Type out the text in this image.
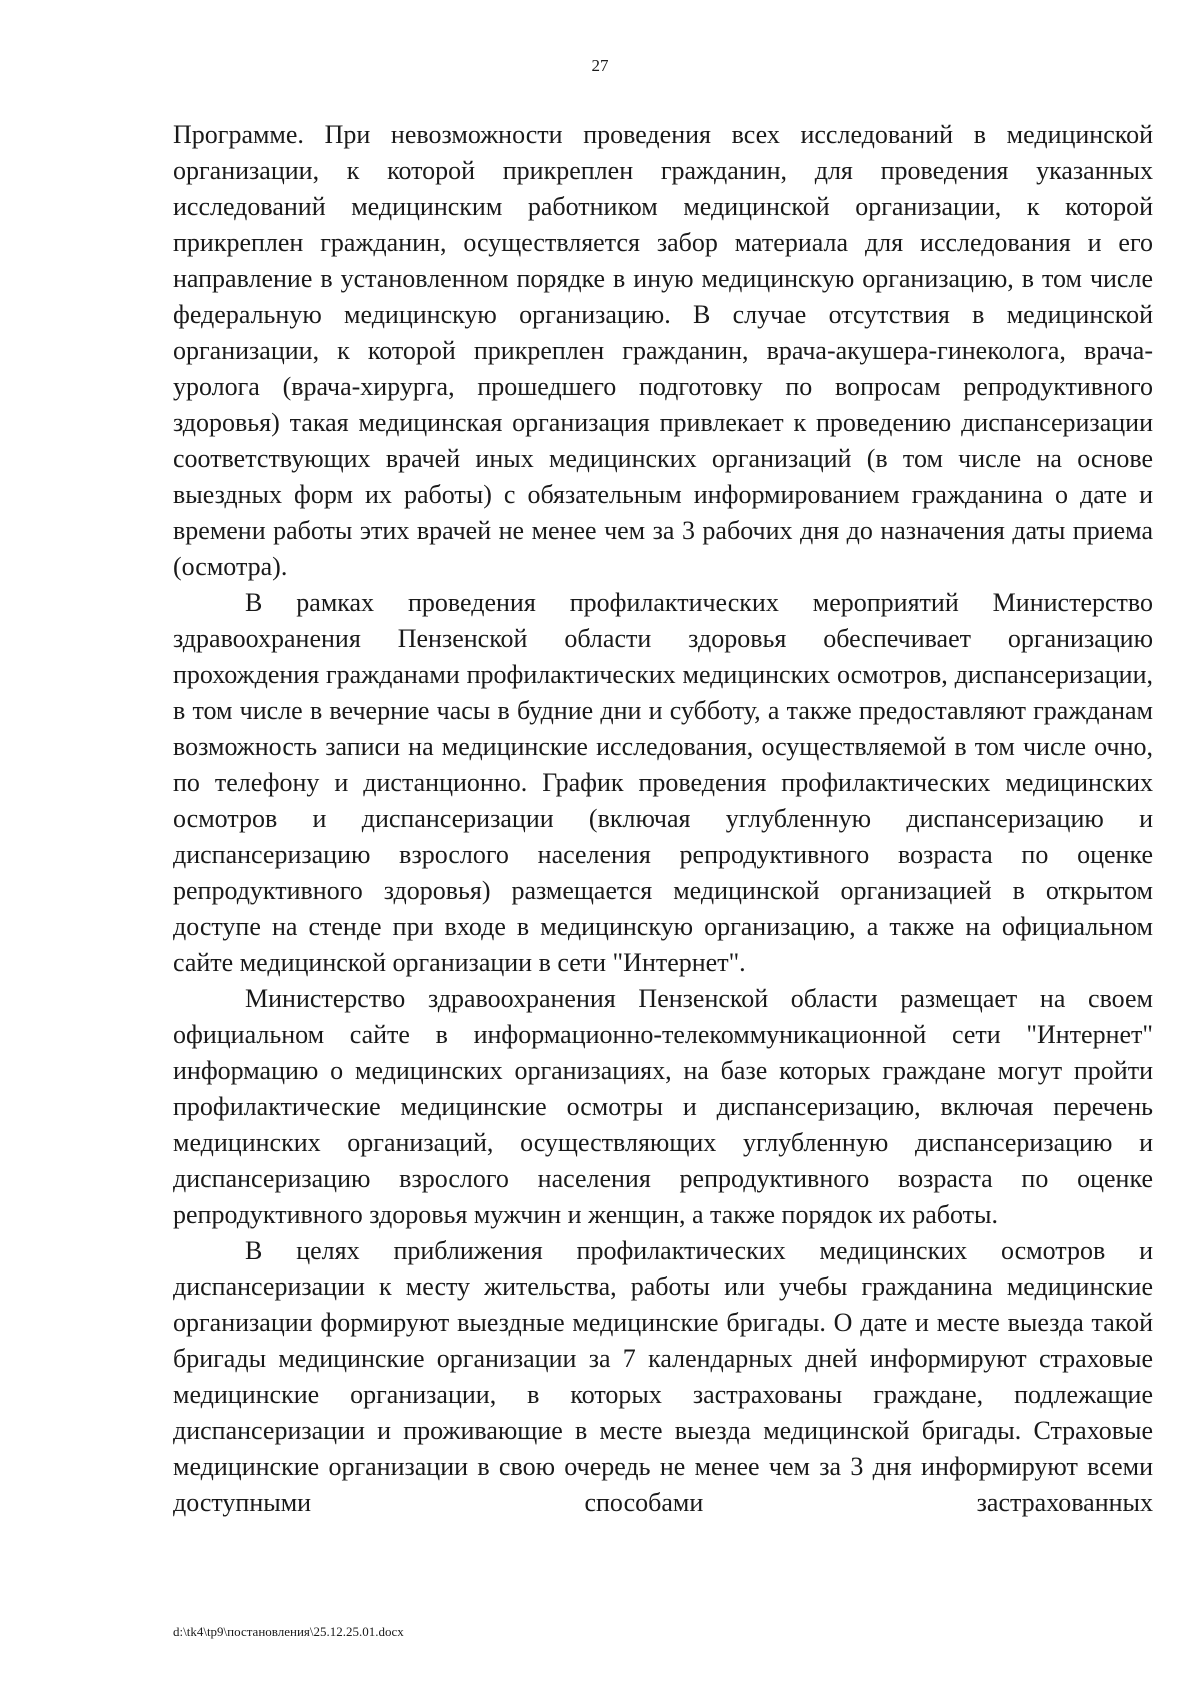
27

Программе. При невозможности проведения всех исследований в медицинской организации, к которой прикреплен гражданин, для проведения указанных исследований медицинским работником медицинской организации, к которой прикреплен гражданин, осуществляется забор материала для исследования и его направление в установленном порядке в иную медицинскую организацию, в том числе федеральную медицинскую организацию. В случае отсутствия в медицинской организации, к которой прикреплен гражданин, врача-акушера-гинеколога, врача-уролога (врача-хирурга, прошедшего подготовку по вопросам репродуктивного здоровья) такая медицинская организация привлекает к проведению диспансеризации соответствующих врачей иных медицинских организаций (в том числе на основе выездных форм их работы) с обязательным информированием гражданина о дате и времени работы этих врачей не менее чем за 3 рабочих дня до назначения даты приема (осмотра).

В рамках проведения профилактических мероприятий Министерство здравоохранения Пензенской области здоровья обеспечивает организацию прохождения гражданами профилактических медицинских осмотров, диспансеризации, в том числе в вечерние часы в будние дни и субботу, а также предоставляют гражданам возможность записи на медицинские исследования, осуществляемой в том числе очно, по телефону и дистанционно. График проведения профилактических медицинских осмотров и диспансеризации (включая углубленную диспансеризацию и диспансеризацию взрослого населения репродуктивного возраста по оценке репродуктивного здоровья) размещается медицинской организацией в открытом доступе на стенде при входе в медицинскую организацию, а также на официальном сайте медицинской организации в сети "Интернет".

Министерство здравоохранения Пензенской области размещает на своем официальном сайте в информационно-телекоммуникационной сети "Интернет" информацию о медицинских организациях, на базе которых граждане могут пройти профилактические медицинские осмотры и диспансеризацию, включая перечень медицинских организаций, осуществляющих углубленную диспансеризацию и диспансеризацию взрослого населения репродуктивного возраста по оценке репродуктивного здоровья мужчин и женщин, а также порядок их работы.

В целях приближения профилактических медицинских осмотров и диспансеризации к месту жительства, работы или учебы гражданина медицинские организации формируют выездные медицинские бригады. О дате и месте выезда такой бригады медицинские организации за 7 календарных дней информируют страховые медицинские организации, в которых застрахованы граждане, подлежащие диспансеризации и проживающие в месте выезда медицинской бригады. Страховые медицинские организации в свою очередь не менее чем за 3 дня информируют всеми доступными способами застрахованных

d:\tk4\tp9\постановления\25.12.25.01.docx
